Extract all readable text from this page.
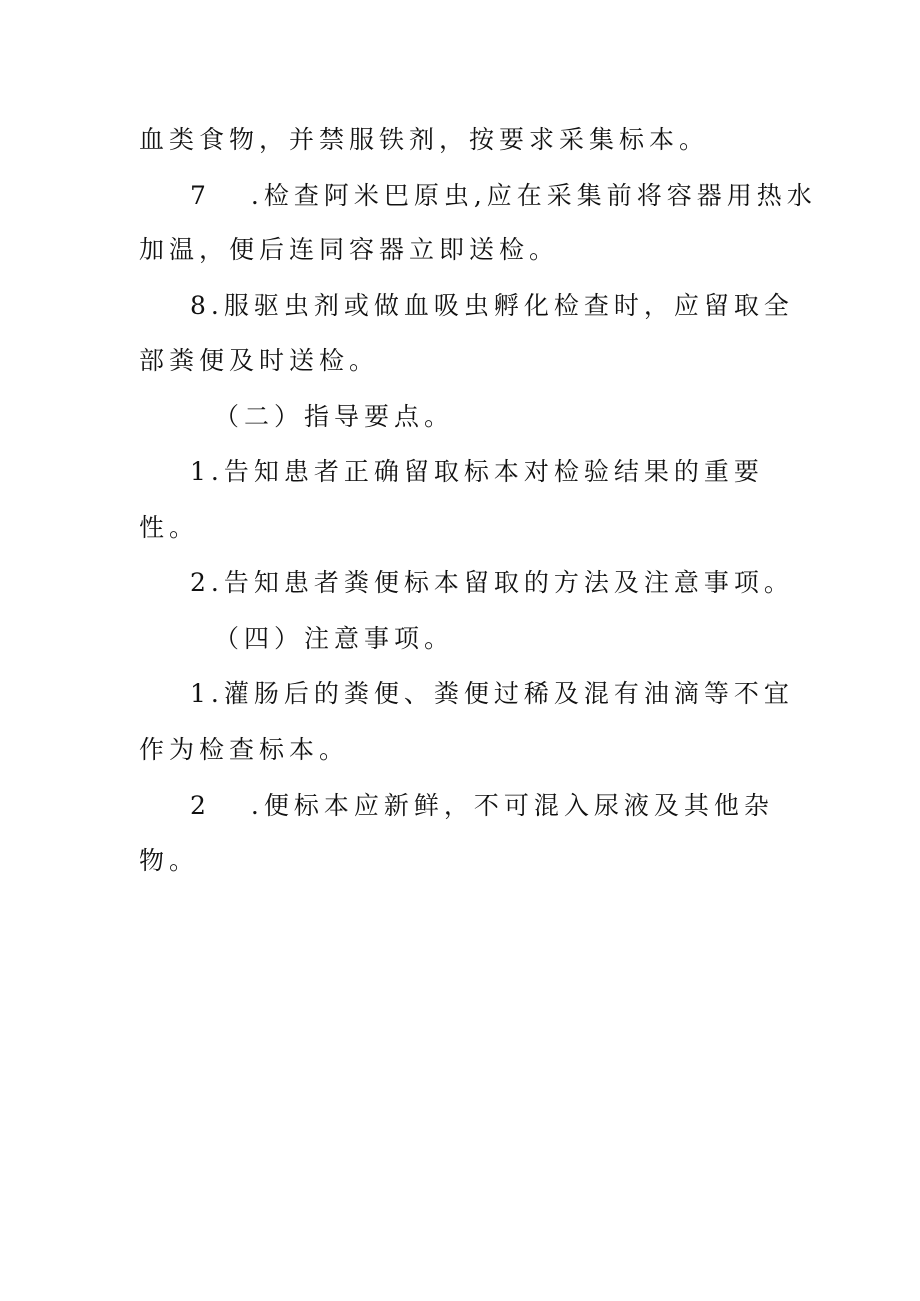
血类食物，并禁服铁剂，按要求采集标本。
7 .检查阿米巴原虫,应在采集前将容器用热水
加温，便后连同容器立即送检。
8.服驱虫剂或做血吸虫孵化检查时，应留取全
部粪便及时送检。
（二）指导要点。
1.告知患者正确留取标本对检验结果的重要
性。
2.告知患者粪便标本留取的方法及注意事项。
（四）注意事项。
1.灌肠后的粪便、粪便过稀及混有油滴等不宜
作为检查标本。
2 .便标本应新鲜，不可混入尿液及其他杂
物。
